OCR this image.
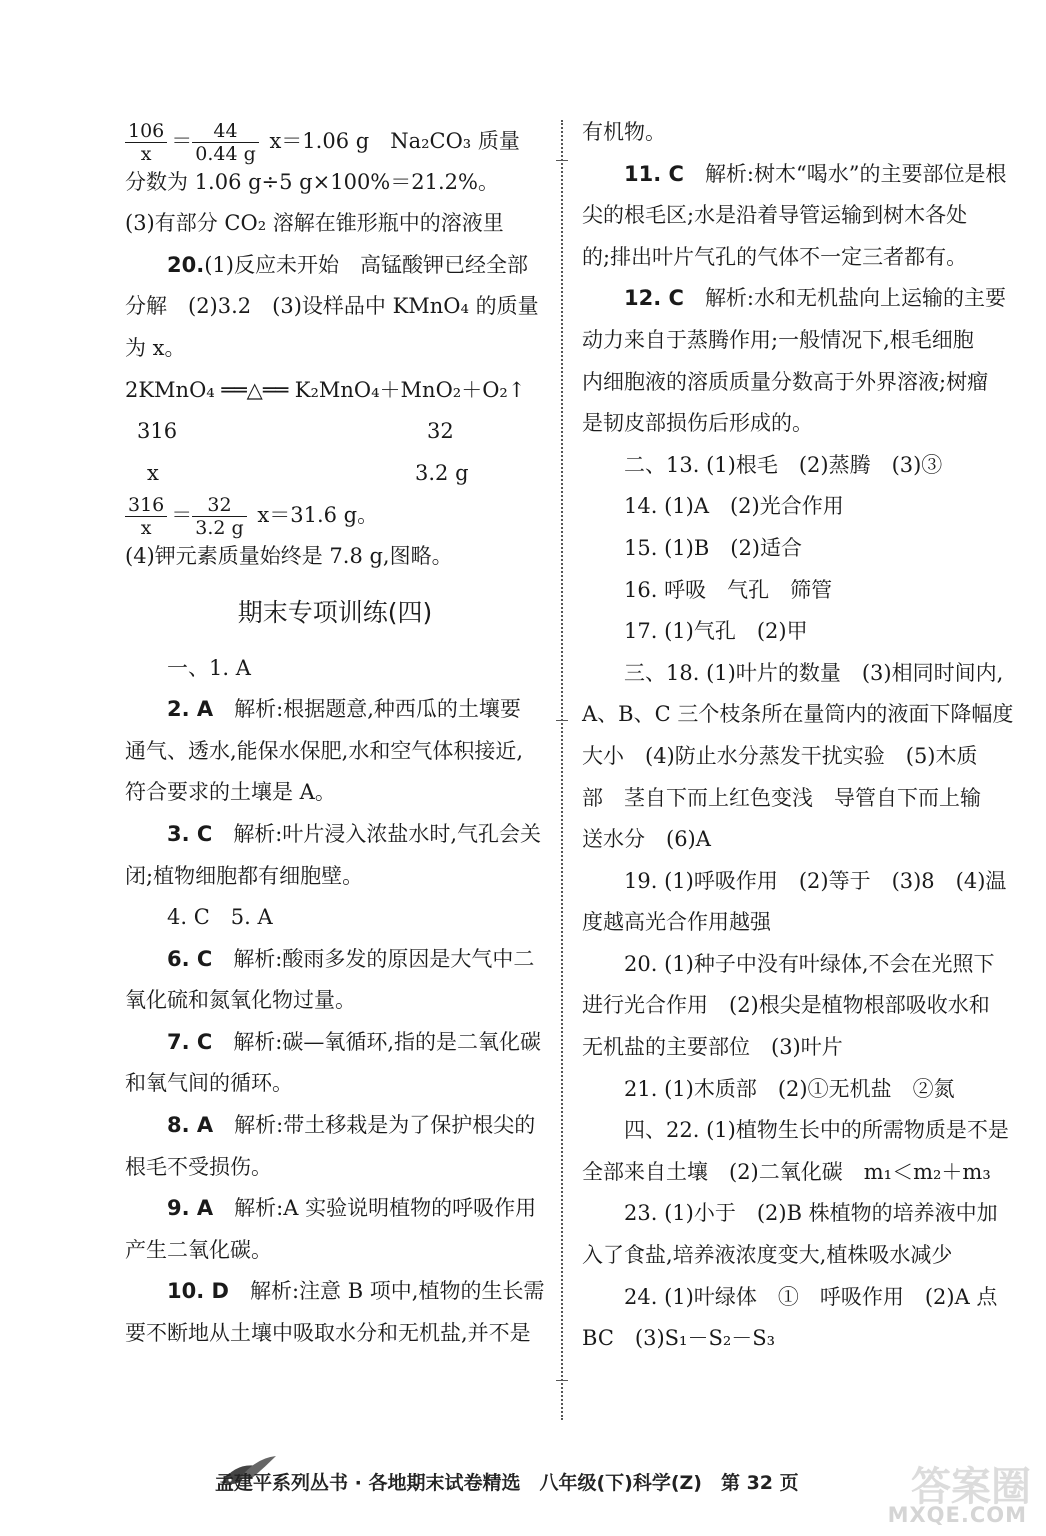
$\frac{106}{x} = \frac{44}{0.44 g} x=1.06$ g　Na₂CO₃ 质量
分数为 1.06 g÷5 g×100%＝21.2%。
(3)有部分 CO₂ 溶解在锥形瓶中的溶液里
20.(1)反应未开始　高锰酸钾已经全部
分解　(2)3.2　(3)设样品中 KMnO₄ 的质量
为 x。
2KMnO₄ ══△══ K₂MnO₄＋MnO₂＋O₂↑
316	32
x	3.2 g
$\frac{316}{x} = \frac{32}{3.2 g} x=31.6$ g。
(4)钾元素质量始终是 7.8 g,图略。
期末专项训练(四)
一、1. A
2. A　 解析:根据题意,种西瓜的土壤要
通气、透水,能保水保肥,水和空气体积接近,
符合要求的土壤是 A。
3. C　 解析:叶片浸入浓盐水时,气孔会关
闭;植物细胞都有细胞壁。
4. C　5. A
6. C　 解析:酸雨多发的原因是大气中二
氧化硫和氮氧化物过量。
7. C　 解析:碳—氧循环,指的是二氧化碳
和氧气间的循环。
8. A　 解析:带土移栽是为了保护根尖的
根毛不受损伤。
9. A　 解析:A 实验说明植物的呼吸作用
产生二氧化碳。
10. D　 解析:注意 B 项中,植物的生长需
要不断地从土壤中吸取水分和无机盐,并不是
有机物。
11. C　 解析:树木“喝水”的主要部位是根
尖的根毛区;水是沿着导管运输到树木各处
的;排出叶片气孔的气体不一定三者都有。
12. C　 解析:水和无机盐向上运输的主要
动力来自于蒸腾作用;一般情况下,根毛细胞
内细胞液的溶质质量分数高于外界溶液;树瘤
是韧皮部损伤后形成的。
二、13. (1)根毛　(2)蒸腾　(3)③
14. (1)A　(2)光合作用
15. (1)B　(2)适合
16. 呼吸　气孔　筛管
17. (1)气孔　(2)甲
三、18. (1)叶片的数量　(3)相同时间内,
A、B、C 三个枝条所在量筒内的液面下降幅度
大小　(4)防止水分蒸发干扰实验　(5)木质
部　茎自下而上红色变浅　导管自下而上输
送水分　(6)A
19. (1)呼吸作用　(2)等于　(3)8　(4)温
度越高光合作用越强
20. (1)种子中没有叶绿体,不会在光照下
进行光合作用　(2)根尖是植物根部吸收水和
无机盐的主要部位　(3)叶片
21. (1)木质部　(2)①无机盐　②氮
四、22. (1)植物生长中的所需物质是不是
全部来自土壤　(2)二氧化碳　m₁＜m₂＋m₃
23. (1)小于　(2)B 株植物的培养液中加
入了食盐,培养液浓度变大,植株吸水减少
24. (1)叶绿体　①　呼吸作用　(2)A 点
BC　(3)S₁－S₂－S₃
孟建平系列丛书 · 各地期末试卷精选　八年级(下)科学(Z)　第 32 页	答案圈
MXQE.COM
